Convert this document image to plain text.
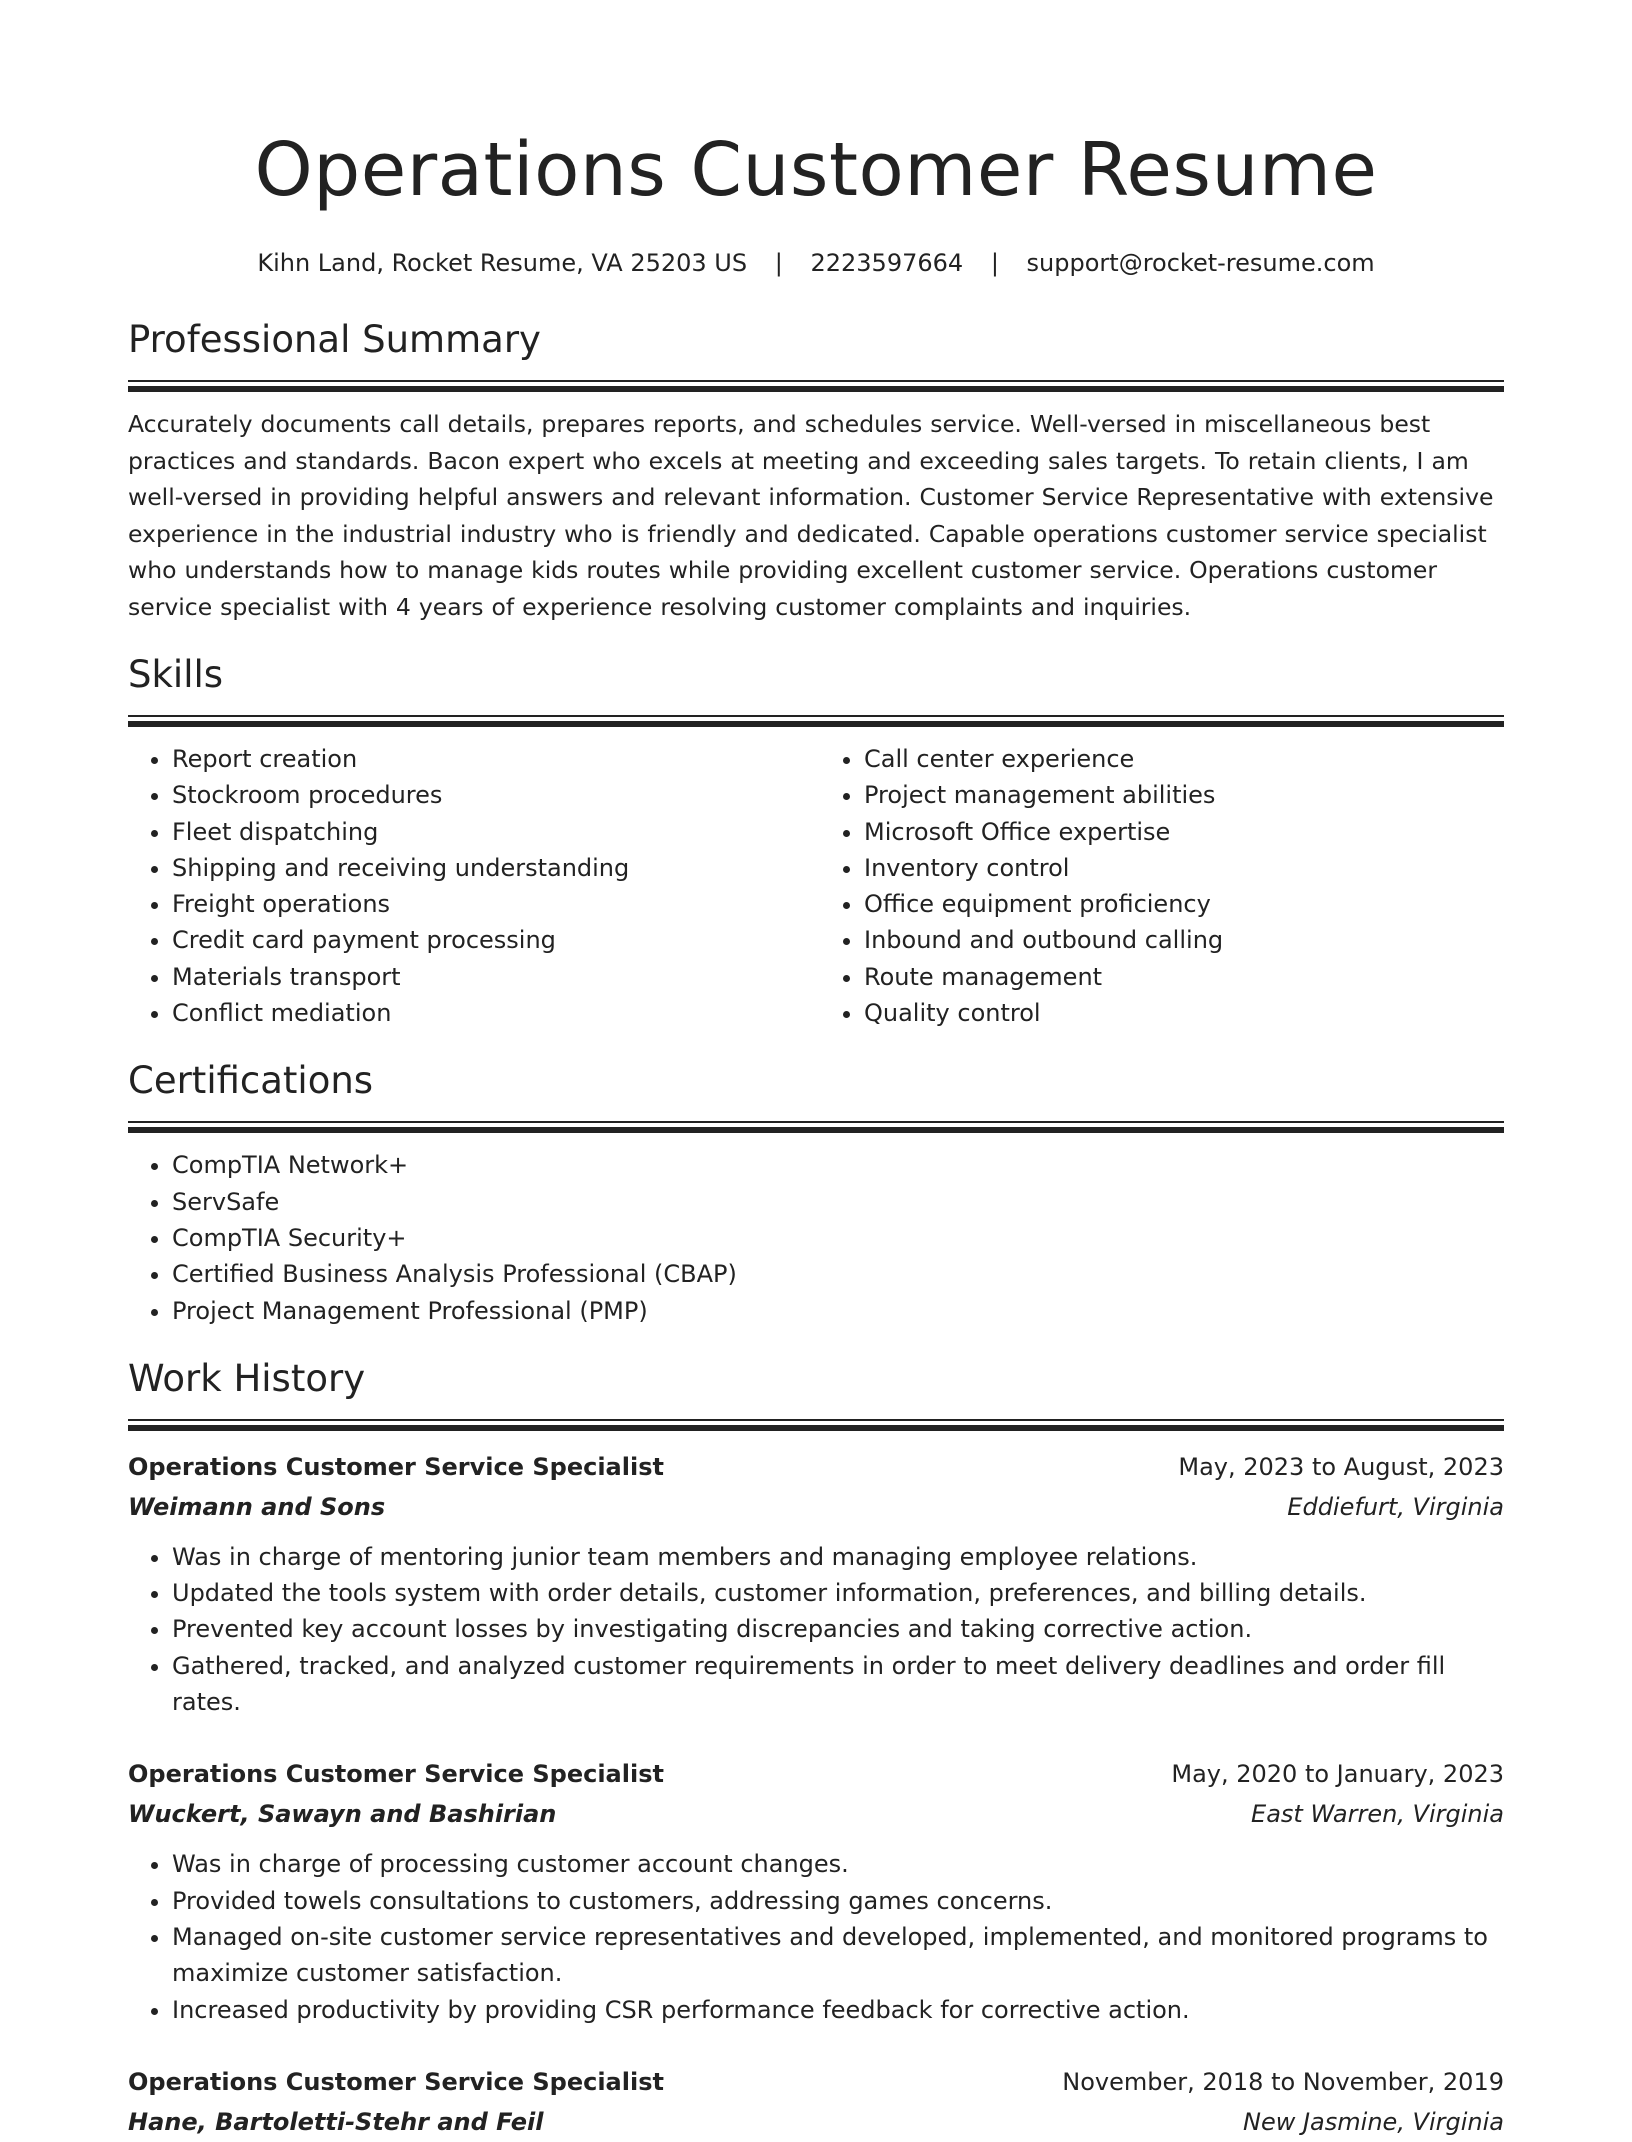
Operations Customer Resume
Kihn Land, Rocket Resume, VA 25203 US | 2223597664 | support@rocket-resume.com
Professional Summary

Accurately documents call details, prepares reports, and schedules service. Well-versed in miscellaneous best practices and standards. Bacon expert who excels at meeting and exceeding sales targets. To retain clients, I am well-versed in providing helpful answers and relevant information. Customer Service Representative with extensive experience in the industrial industry who is friendly and dedicated. Capable operations customer service specialist who understands how to manage kids routes while providing excellent customer service. Operations customer service specialist with 4 years of experience resolving customer complaints and inquiries.

Skills
• Report creation
• Stockroom procedures
• Fleet dispatching
• Shipping and receiving understanding
• Freight operations
• Credit card payment processing
• Materials transport
• Conflict mediation
• Call center experience
• Project management abilities
• Microsoft Office expertise
• Inventory control
• Office equipment proficiency
• Inbound and outbound calling
• Route management
• Quality control
Certifications
• CompTIA Network+
• ServSafe
• CompTIA Security+
• Certified Business Analysis Professional (CBAP)
• Project Management Professional (PMP)
Work History
Operations Customer Service Specialist	May, 2023 to August, 2023
Weimann and Sons	Eddiefurt, Virginia
• Was in charge of mentoring junior team members and managing employee relations.
• Updated the tools system with order details, customer information, preferences, and billing details.
• Prevented key account losses by investigating discrepancies and taking corrective action.
• Gathered, tracked, and analyzed customer requirements in order to meet delivery deadlines and order fill rates.
Operations Customer Service Specialist	May, 2020 to January, 2023
Wuckert, Sawayn and Bashirian	East Warren, Virginia
• Was in charge of processing customer account changes.
• Provided towels consultations to customers, addressing games concerns.
• Managed on-site customer service representatives and developed, implemented, and monitored programs to maximize customer satisfaction.
• Increased productivity by providing CSR performance feedback for corrective action.
Operations Customer Service Specialist	November, 2018 to November, 2019
Hane, Bartoletti-Stehr and Feil	New Jasmine, Virginia
